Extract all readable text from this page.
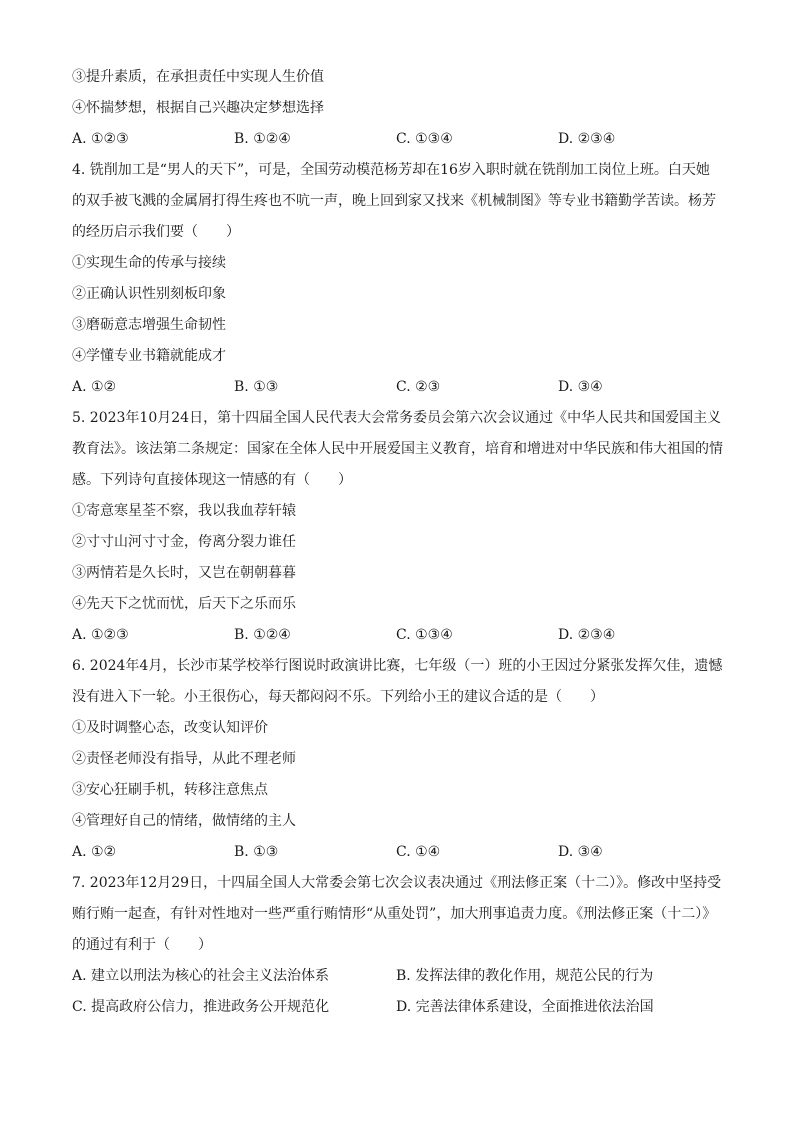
③提升素质，在承担责任中实现人生价值
④怀揣梦想，根据自己兴趣决定梦想选择
A. ①②③	B. ①②④	C. ①③④	D. ②③④
4. 铣削加工是“男人的天下”，可是，全国劳动模范杨芳却在16岁入职时就在铣削加工岗位上班。白天她
的双手被飞溅的金属屑打得生疼也不吭一声，晚上回到家又找来《机械制图》等专业书籍勤学苦读。杨芳
的经历启示我们要（　　）
①实现生命的传承与接续
②正确认识性别刻板印象
③磨砺意志增强生命韧性
④学懂专业书籍就能成才
A. ①②	B. ①③	C. ②③	D. ③④
5. 2023年10月24日，第十四届全国人民代表大会常务委员会第六次会议通过《中华人民共和国爱国主义
教育法》。该法第二条规定：国家在全体人民中开展爱国主义教育，培育和增进对中华民族和伟大祖国的情
感。下列诗句直接体现这一情感的有（　　）
①寄意寒星荃不察，我以我血荐轩辕
②寸寸山河寸寸金，侉离分裂力谁任
③两情若是久长时，又岂在朝朝暮暮
④先天下之忧而忧，后天下之乐而乐
A. ①②③	B. ①②④	C. ①③④	D. ②③④
6. 2024年4月，长沙市某学校举行图说时政演讲比赛，七年级（一）班的小王因过分紧张发挥欠佳，遗憾
没有进入下一轮。小王很伤心，每天都闷闷不乐。下列给小王的建议合适的是（　　）
①及时调整心态，改变认知评价
②责怪老师没有指导，从此不理老师
③安心狂刷手机，转移注意焦点
④管理好自己的情绪，做情绪的主人
A. ①②	B. ①③	C. ①④	D. ③④
7. 2023年12月29日，十四届全国人大常委会第七次会议表决通过《刑法修正案（十二）》。修改中坚持受
贿行贿一起查，有针对性地对一些严重行贿情形“从重处罚”，加大刑事追责力度。《刑法修正案（十二）》
的通过有利于（　　）
A. 建立以刑法为核心的社会主义法治体系	B. 发挥法律的教化作用，规范公民的行为
C. 提高政府公信力，推进政务公开规范化	D. 完善法律体系建设，全面推进依法治国
